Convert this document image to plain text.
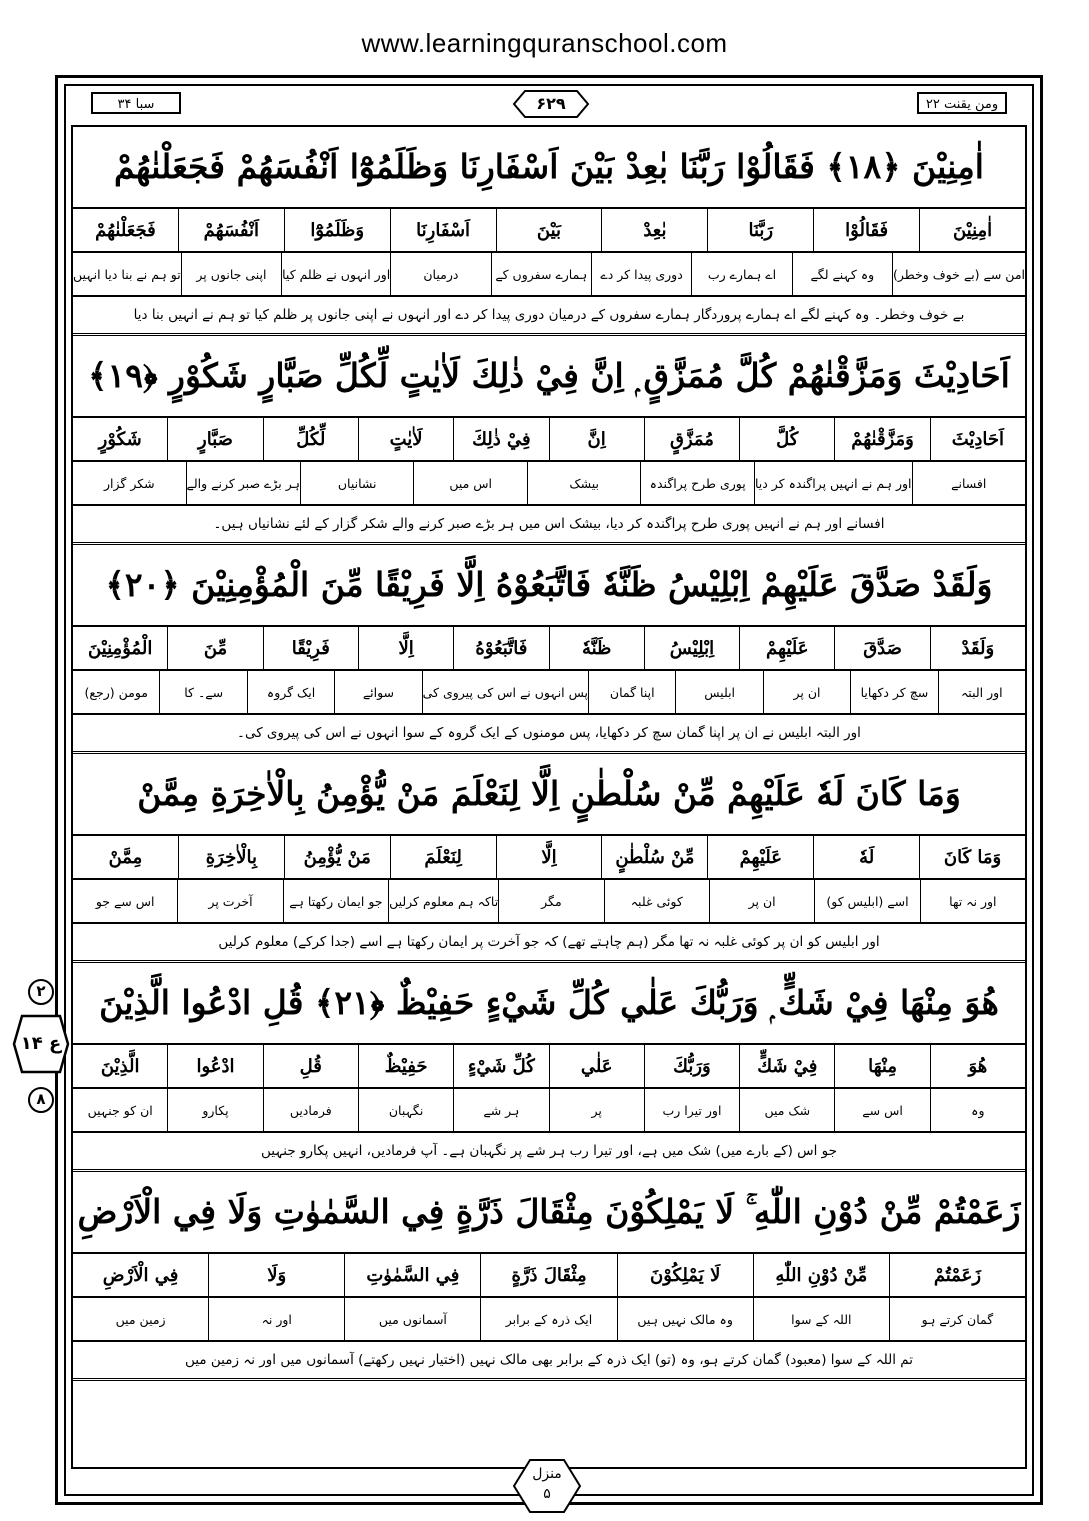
www.learningquranschool.com
سبا ۳۴	۶۲۹	ومن یقنت ۲۲
اٰمِنِيْنَ ﴿۱۸﴾ فَقَالُوْا رَبَّنَا بٰعِدْ بَيْنَ اَسْفَارِنَا وَظَلَمُوْٓا اَنْفُسَهُمْ فَجَعَلْنٰهُمْ
اٰمِنِيْنَ
فَقَالُوْا
رَبَّنَا
بٰعِدْ
بَيْنَ
اَسْفَارِنَا
وَظَلَمُوْٓا
اَنْفُسَهُمْ
فَجَعَلْنٰهُمْ
امن سے (بے خوف وخطر)
وہ کہنے لگے
اے ہمارے رب
دوری پیدا کر دے
ہمارے سفروں کے
درمیان
اور انہوں نے ظلم کیا
اپنی جانوں پر
تو ہم نے بنا دیا انہیں
بے خوف وخطر۔ وہ کہنے لگے اے ہمارے پروردگار ہمارے سفروں کے درمیان دوری پیدا کر دے اور انہوں نے اپنی جانوں پر ظلم کیا تو ہم نے انہیں بنا دیا
اَحَادِيْثَ وَمَزَّقْنٰهُمْ كُلَّ مُمَزَّقٍ ۭ اِنَّ فِيْ ذٰلِكَ لَاٰيٰتٍ لِّكُلِّ صَبَّارٍ شَكُوْرٍ ﴿۱۹﴾
اَحَادِيْثَ
وَمَزَّقْنٰهُمْ
كُلَّ
مُمَزَّقٍ
اِنَّ
فِيْ ذٰلِكَ
لَاٰيٰتٍ
لِّكُلِّ
صَبَّارٍ
شَكُوْرٍ
افسانے
اور ہم نے انہیں پراگندہ کر دیا
پوری طرح پراگندہ
بیشک
اس میں
نشانیاں
ہر بڑے صبر کرنے والے
شکر گزار
افسانے اور ہم نے انہیں پوری طرح پراگندہ کر دیا، بیشک اس میں ہر بڑے صبر کرنے والے شکر گزار کے لئے نشانیاں ہیں۔
وَلَقَدْ صَدَّقَ عَلَيْهِمْ اِبْلِيْسُ ظَنَّهٗ فَاتَّبَعُوْهُ اِلَّا فَرِيْقًا مِّنَ الْمُؤْمِنِيْنَ ﴿۲۰﴾
وَلَقَدْ
صَدَّقَ
عَلَيْهِمْ
اِبْلِيْسُ
ظَنَّهٗ
فَاتَّبَعُوْهُ
اِلَّا
فَرِيْقًا
مِّنَ
الْمُؤْمِنِيْنَ
اور البتہ
سچ کر دکھایا
ان پر
ابلیس
اپنا گمان
پس انہوں نے اس کی پیروی کی
سوائے
ایک گروہ
سے۔ کا
مومن (رجع)
اور البتہ ابلیس نے ان پر اپنا گمان سچ کر دکھایا، پس مومنوں کے ایک گروہ کے سوا انہوں نے اس کی پیروی کی۔
وَمَا كَانَ لَهٗ عَلَيْهِمْ مِّنْ سُلْطٰنٍ اِلَّا لِنَعْلَمَ مَنْ يُّؤْمِنُ بِالْاٰخِرَةِ مِمَّنْ
وَمَا كَانَ
لَهٗ
عَلَيْهِمْ
مِّنْ سُلْطٰنٍ
اِلَّا
لِنَعْلَمَ
مَنْ يُّؤْمِنُ
بِالْاٰخِرَةِ
مِمَّنْ
اور نہ تھا
اسے (ابلیس کو)
ان پر
کوئی غلبہ
مگر
تاکہ ہم معلوم کرلیں
جو ایمان رکھتا ہے
آخرت پر
اس سے جو
اور ابلیس کو ان پر کوئی غلبہ نہ تھا مگر (ہم چاہتے تھے) کہ جو آخرت پر ایمان رکھتا ہے اسے (جدا کرکے) معلوم کرلیں
هُوَ مِنْهَا فِيْ شَكٍّ ۭ وَرَبُّكَ عَلٰي كُلِّ شَيْءٍ حَفِيْظٌ ﴿۲۱﴾ قُلِ ادْعُوا الَّذِيْنَ
هُوَ
مِنْهَا
فِيْ شَكٍّ
وَرَبُّكَ
عَلٰي
كُلِّ شَيْءٍ
حَفِيْظٌ
قُلِ
ادْعُوا
الَّذِيْنَ
وہ
اس سے
شک میں
اور تیرا رب
پر
ہر شے
نگہبان
فرمادیں
پکارو
ان کو جنہیں
جو اس (کے بارے میں) شک میں ہے، اور تیرا رب ہر شے پر نگہبان ہے۔ آپ فرمادیں، انہیں پکارو جنہیں
زَعَمْتُمْ مِّنْ دُوْنِ اللّٰهِ ۚ لَا يَمْلِكُوْنَ مِثْقَالَ ذَرَّةٍ فِي السَّمٰوٰتِ وَلَا فِي الْاَرْضِ
زَعَمْتُمْ
مِّنْ دُوْنِ اللّٰهِ
لَا يَمْلِكُوْنَ
مِثْقَالَ ذَرَّةٍ
فِي السَّمٰوٰتِ
وَلَا
فِي الْاَرْضِ
گمان کرتے ہو
اللہ کے سوا
وہ مالک نہیں ہیں
ایک ذرہ کے برابر
آسمانوں میں
اور نہ
زمین میں
تم اللہ کے سوا (معبود) گمان کرتے ہو، وہ (تو) ایک ذرہ کے برابر بھی مالک نہیں (اختیار نہیں رکھتے) آسمانوں میں اور نہ زمین میں
۲
ع ۱۴
۸
منزل
۵
